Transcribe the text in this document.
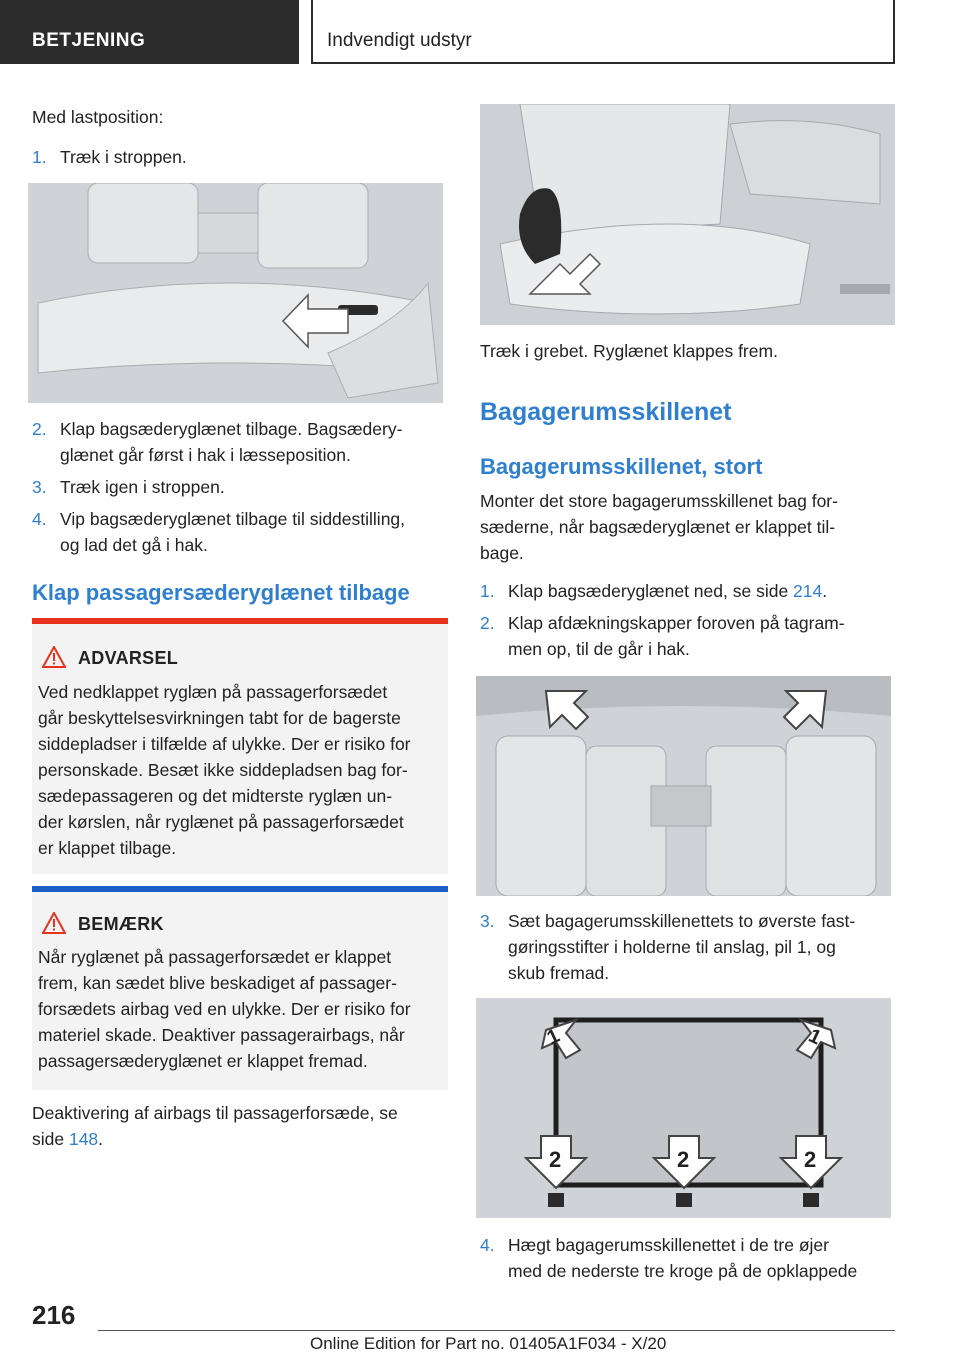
BETJENING	Indvendigt udstyr
Med lastposition:
1. Træk i stroppen.
2. Klap bagsæderyglænet tilbage. Bagsædery-
glænet går først i hak i læsseposition.
3. Træk igen i stroppen.
4. Vip bagsæderyglænet tilbage til siddestilling,
og lad det gå i hak.
Klap passagersæderyglænet tilbage
ADVARSEL
Ved nedklappet ryglæn på passagerforsædet
går beskyttelsesvirkningen tabt for de bagerste
siddepladser i tilfælde af ulykke. Der er risiko for
personskade. Besæt ikke siddepladsen bag for-
sædepassageren og det midterste ryglæn un-
der kørslen, når ryglænet på passagerforsædet
er klappet tilbage.
BEMÆRK
Når ryglænet på passagerforsædet er klappet
frem, kan sædet blive beskadiget af passager-
forsædets airbag ved en ulykke. Der er risiko for
materiel skade. Deaktiver passagerairbags, når
passagersæderyglænet er klappet fremad.
Deaktivering af airbags til passagerforsæde, se
side 148.
Træk i grebet. Ryglænet klappes frem.
Bagagerumsskillenet
Bagagerumsskillenet, stort
Monter det store bagagerumsskillenet bag for-
sæderne, når bagsæderyglænet er klappet til-
bage.
1. Klap bagsæderyglænet ned, se side 214.
2. Klap afdækningskapper foroven på tagram-
men op, til de går i hak.
3. Sæt bagagerumsskillenettets to øverste fast-
gøringsstifter i holderne til anslag, pil 1, og
skub fremad.
1	1
2	2	2
4. Hægt bagagerumsskillenettet i de tre øjer
med de nederste tre kroge på de opklappede
216
Online Edition for Part no. 01405A1F034 - X/20
